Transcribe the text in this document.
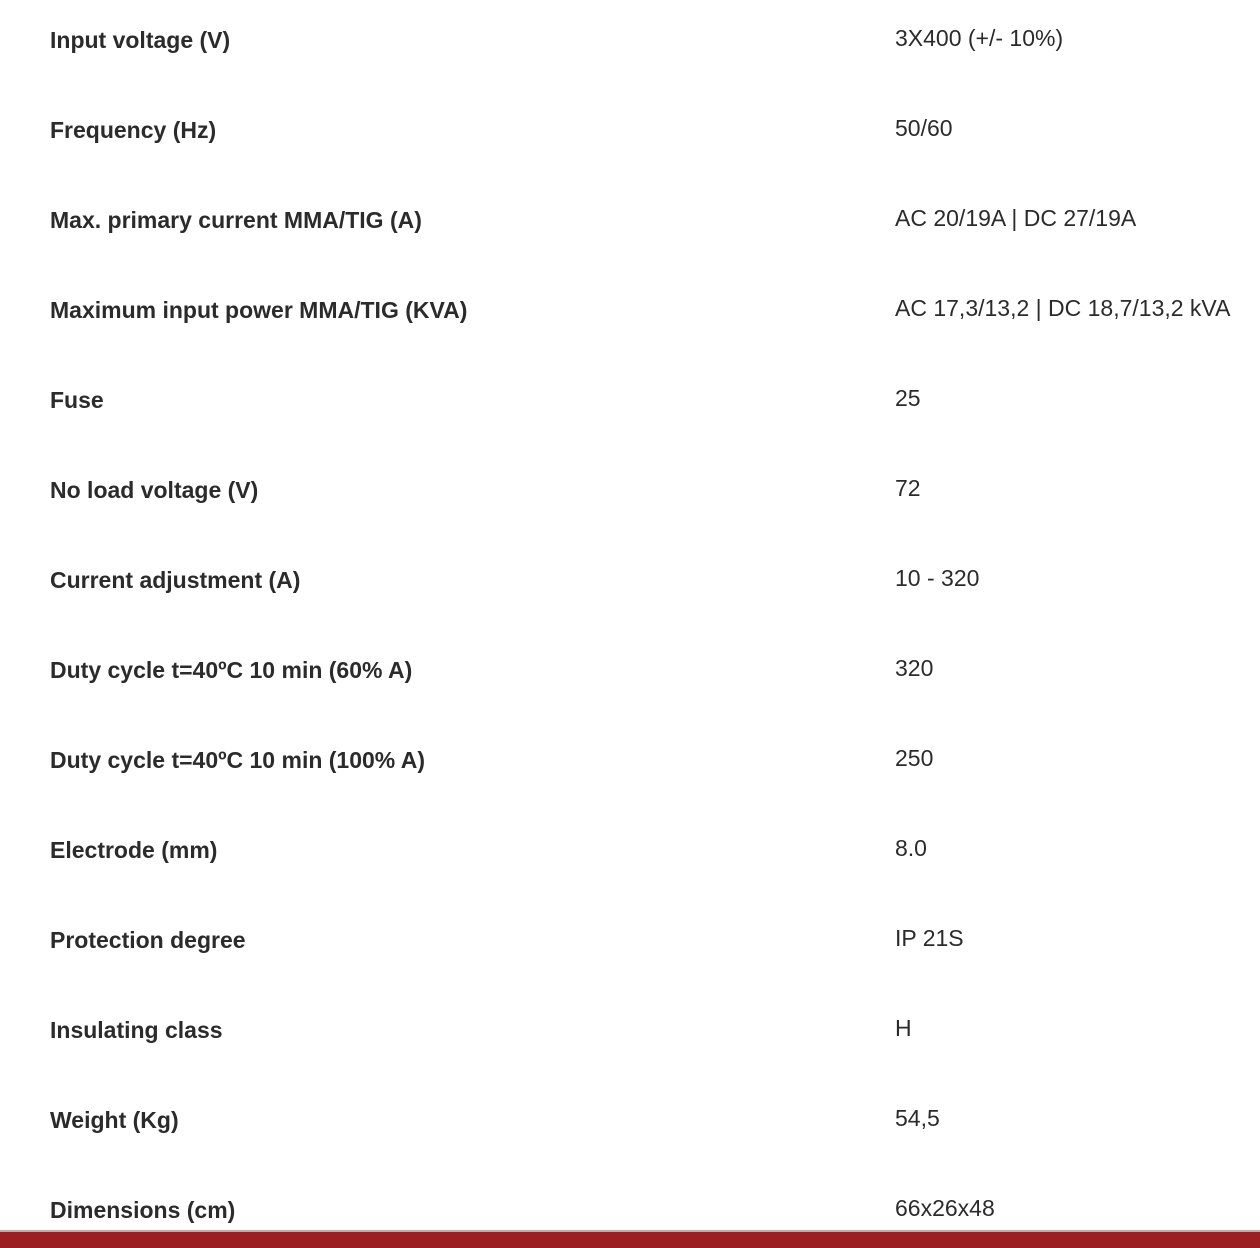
Input voltage (V)	3X400 (+/- 10%)
Frequency (Hz)	50/60
Max. primary current MMA/TIG (A)	AC 20/19A | DC 27/19A
Maximum input power MMA/TIG (KVA)	AC 17,3/13,2 | DC 18,7/13,2 kVA
Fuse	25
No load voltage (V)	72
Current adjustment (A)	10 - 320
Duty cycle t=40ºC 10 min (60% A)	320
Duty cycle t=40ºC 10 min (100% A)	250
Electrode (mm)	8.0
Protection degree	IP 21S
Insulating class	H
Weight (Kg)	54,5
Dimensions (cm)	66x26x48
